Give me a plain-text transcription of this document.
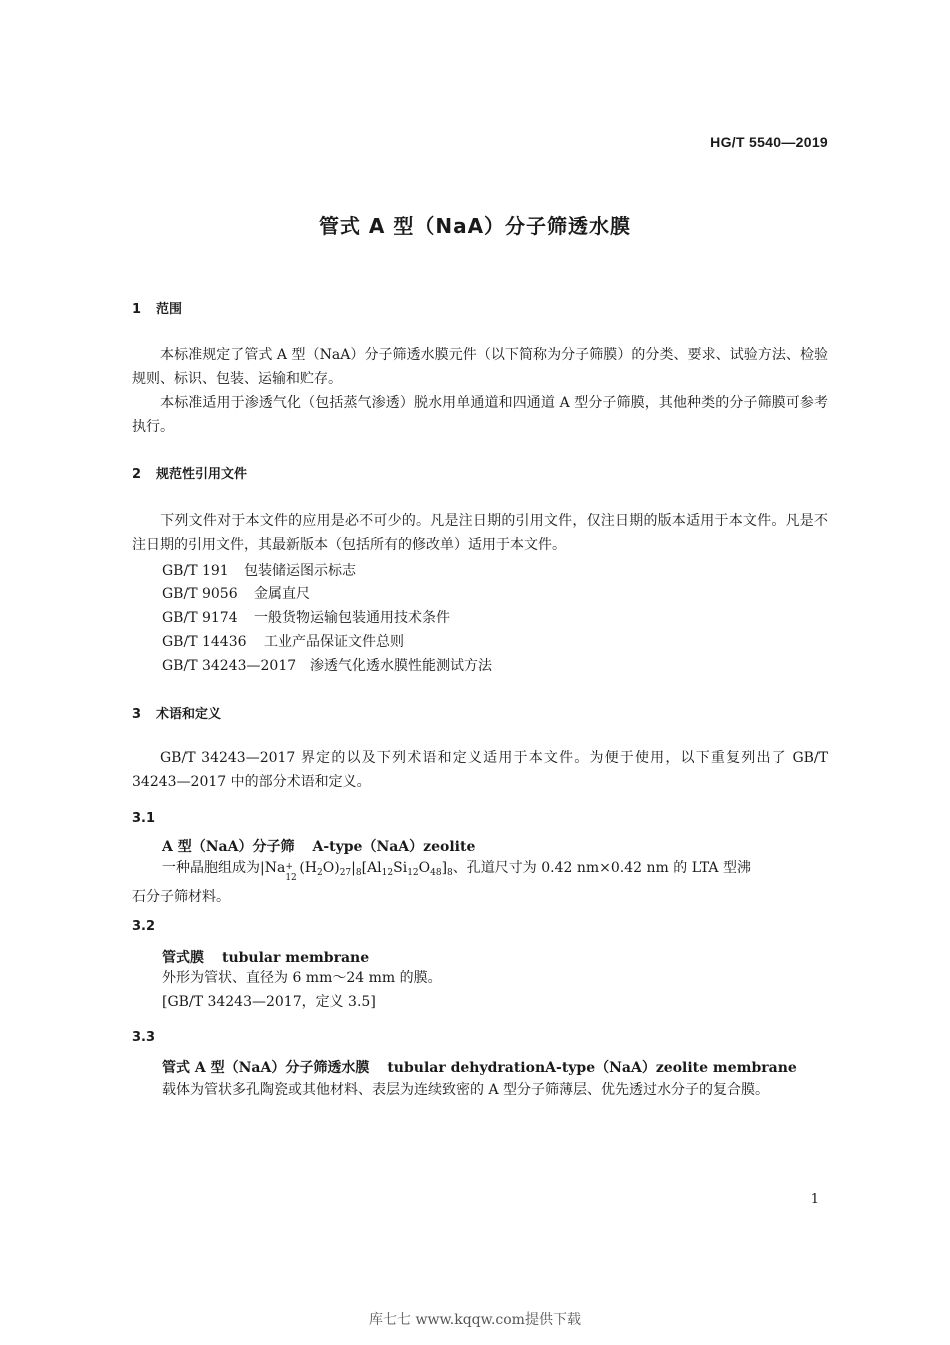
HG/T 5540—2019
管式 A 型（NaA）分子筛透水膜
1 范围
本标准规定了管式 A 型（NaA）分子筛透水膜元件（以下简称为分子筛膜）的分类、要求、试验方法、检验规则、标识、包装、运输和贮存。
本标准适用于渗透气化（包括蒸气渗透）脱水用单通道和四通道 A 型分子筛膜，其他种类的分子筛膜可参考执行。
2 规范性引用文件
下列文件对于本文件的应用是必不可少的。凡是注日期的引用文件，仅注日期的版本适用于本文件。凡是不注日期的引用文件，其最新版本（包括所有的修改单）适用于本文件。
GB/T 191 包装储运图示标志
GB/T 9056 金属直尺
GB/T 9174 一般货物运输包装通用技术条件
GB/T 14436 工业产品保证文件总则
GB/T 34243—2017 渗透气化透水膜性能测试方法
3 术语和定义
GB/T 34243—2017 界定的以及下列术语和定义适用于本文件。为便于使用，以下重复列出了 GB/T 34243—2017 中的部分术语和定义。
3.1
A 型（NaA）分子筛 A-type（NaA）zeolite
一种晶胞组成为|Na +
12
$(H_2O)_{27}|_8[Al_{12}Si_{12}O_{48}]_8$、孔道尺寸为 0.42 nm×0.42 nm 的 LTA 型沸
石分子筛材料。
3.2
管式膜 tubular membrane
外形为管状、直径为 6 mm～24 mm 的膜。
[GB/T 34243—2017，定义 3.5]
3.3
管式 A 型（NaA）分子筛透水膜 tubular dehydrationA-type（NaA）zeolite membrane
载体为管状多孔陶瓷或其他材料、表层为连续致密的 A 型分子筛薄层、优先透过水分子的复合膜。
1
库七七 www.kqqw.com提供下载
